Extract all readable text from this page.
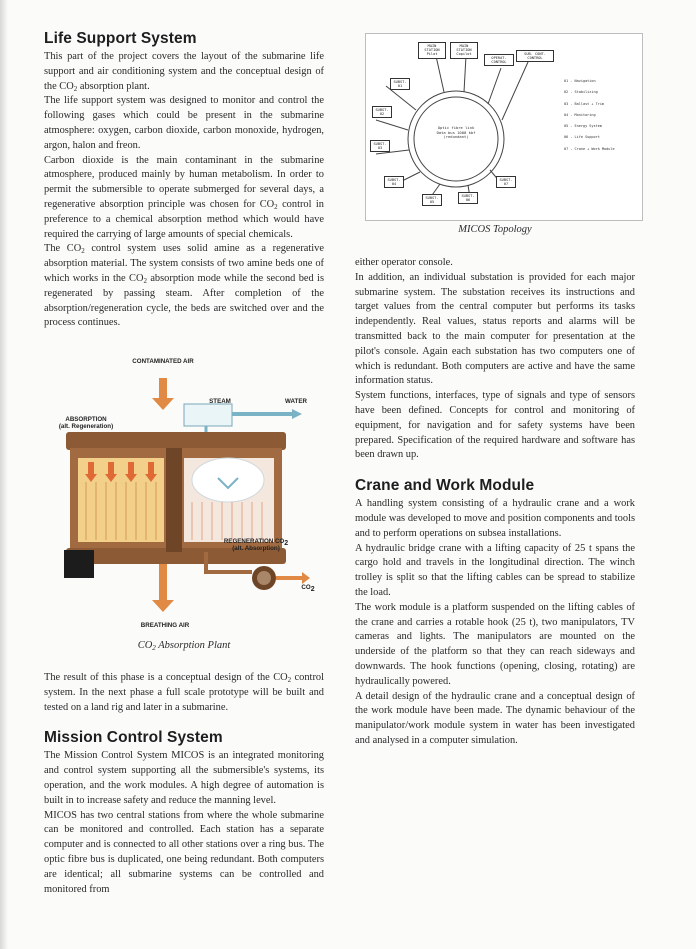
Life Support System

This part of the project covers the layout of the submarine life support and air conditioning system and the conceptual design of the $CO_2$ absorption plant.

The life support system was designed to monitor and control the following gases which could be present in the submarine atmosphere: oxygen, carbon dioxide, carbon monoxide, hydrogen, argon, halon and freon.

Carbon dioxide is the main contaminant in the submarine atmosphere, produced mainly by human metabolism. In order to permit the submersible to operate submerged for several days, a regenerative absorption principle was chosen for $CO_2$ control in preference to a chemical absorption method which would have required the carrying of large amounts of special chemicals.

The $CO_2$ control system uses solid amine as a regenerative absorption material. The system consists of two amine beds one of which works in the $CO_2$ absorption mode while the second bed is regenerated by passing steam. After completion of the absorption/regeneration cycle, the beds are switched over and the process continues.

CONTAMINATED AIR
STEAM	WATER
ABSORPTION
(alt. Regeneration)
REGENERATION $CO_2$
(alt. Absorption)
$CO_2$
BREATHING AIR
$CO_2$ Absorption Plant

The result of this phase is a conceptual design of the $CO_2$ control system. In the next phase a full scale prototype will be built and tested on a land rig and later in a submarine.

Mission Control System

The Mission Control System MICOS is an integrated monitoring and control system supporting all the submersible's systems, its operation, and the work modules. A high degree of automation is built in to increase safety and reduce the manning level.

MICOS has two central stations from where the whole submarine can be monitored and controlled. Each station has a separate computer and is connected to all other stations over a ring bus. The optic fibre bus is duplicated, one being redundant. Both computers are identical; all submarine systems can be controlled and monitored from

MAIN STATION Pilot
MAIN STATION Copilot
OPERAT. CONTROL
SUB. CONT. CONTROL
SUBST. 01
SUBST. 02
SUBST. 03
SUBST. 04
SUBST. 05
SUBST. 06
SUBST. 07
Optic fibre link
Data bus 1000 kbf
(redundant)
01 - Navigation
02 - Stabilizing
03 - Ballast + Trim
04 - Monitoring
05 - Energy System
06 - Life Support
07 - Crane + Work Module
MICOS Topology

either operator console.

In addition, an individual substation is provided for each major submarine system. The substation receives its instructions and target values from the central computer but performs its tasks independently. Real values, status reports and alarms will be transmitted back to the main computer for presentation at the pilot's console. Again each substation has two computers one of which is redundant. Both computers are active and have the same information status.

System functions, interfaces, type of signals and type of sensors have been defined. Concepts for control and monitoring of equipment, for navigation and for safety systems have been prepared. Specification of the required hardware and software has been drawn up.

Crane and Work Module

A handling system consisting of a hydraulic crane and a work module was developed to move and position components and tools and to perform operations on subsea installations.

A hydraulic bridge crane with a lifting capacity of 25 t spans the cargo hold and travels in the longitudinal direction. The winch trolley is split so that the lifting cables can be spread to stabilize the load.

The work module is a platform suspended on the lifting cables of the crane and carries a rotable hook (25 t), two manipulators, TV cameras and lights. The manipulators are mounted on the underside of the platform so that they can reach sideways and downwards. The hook functions (opening, closing, rotating) are hydraulically powered.

A detail design of the hydraulic crane and a conceptual design of the work module have been made. The dynamic behaviour of the manipulator/work module system in water has been investigated and analysed in a computer simulation.
